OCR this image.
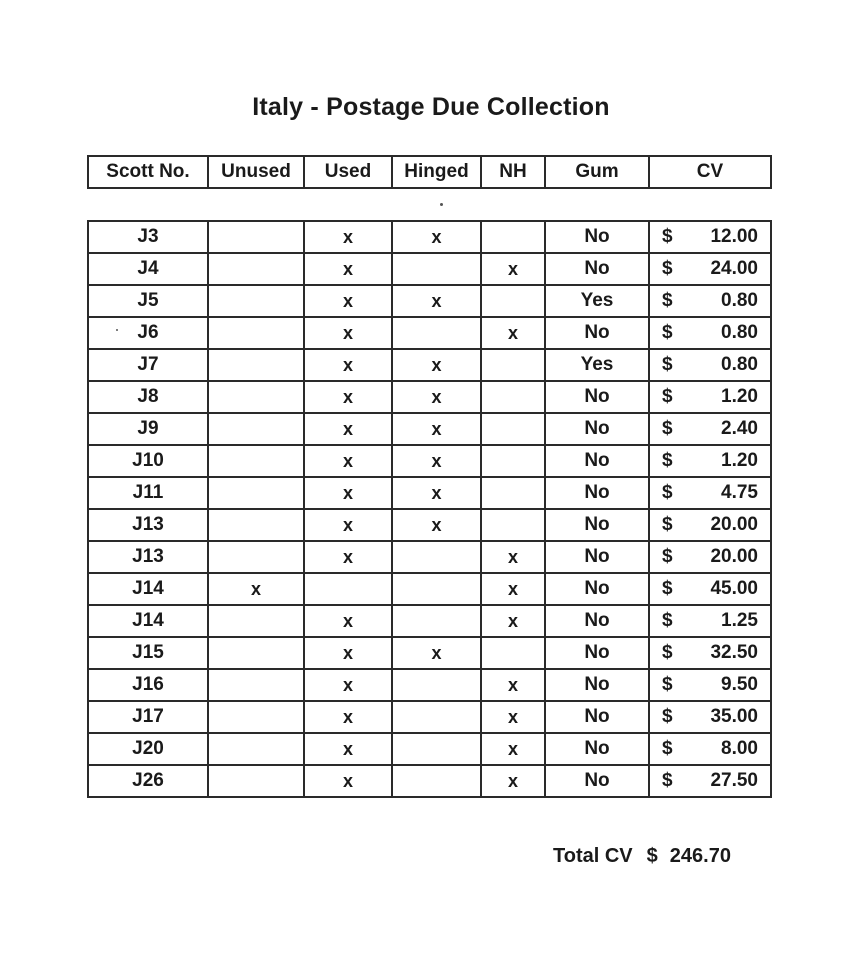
Italy - Postage Due Collection
Scott No.	Unused	Used	Hinged	NH	Gum	CV
J3		x	x		No	$ 12.00

J4		x		x	No	$ 24.00

J5		x	x		Yes	$ 0.80

J6		x		x	No	$ 0.80

J7		x	x		Yes	$ 0.80

J8		x	x		No	$ 1.20

J9		x	x		No	$ 2.40

J10		x	x		No	$ 1.20

J11		x	x		No	$ 4.75

J13		x	x		No	$ 20.00

J13		x		x	No	$ 20.00

J14	x			x	No	$ 45.00

J14		x		x	No	$ 1.25

J15		x	x		No	$ 32.50

J16		x		x	No	$ 9.50

J17		x		x	No	$ 35.00

J20		x		x	No	$ 8.00

J26		x		x	No	$ 27.50
Total CV $ 246.70
